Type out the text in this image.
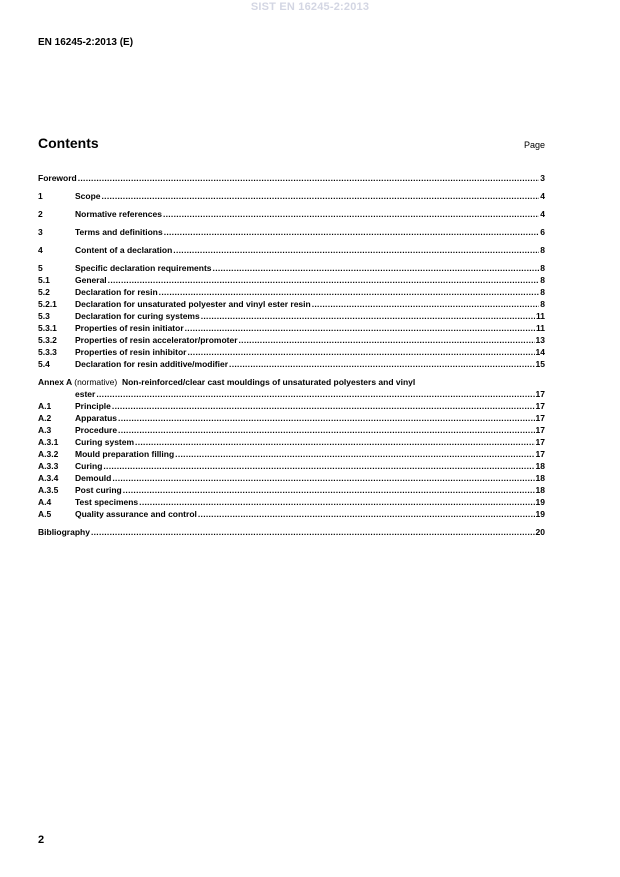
SIST EN 16245-2:2013
EN 16245-2:2013 (E)
Contents	Page
Foreword .....	3
1	Scope .....	4
2	Normative references .....	4
3	Terms and definitions .....	6
4	Content of a declaration .....	8
5	Specific declaration requirements .....	8
5.1	General .....	8
5.2	Declaration for resin .....	8
5.2.1	Declaration for unsaturated polyester and vinyl ester resin .....	8
5.3	Declaration for curing systems .....	11
5.3.1	Properties of resin initiator .....	11
5.3.2	Properties of resin accelerator/promoter .....	13
5.3.3	Properties of resin inhibitor .....	14
5.4	Declaration for resin additive/modifier .....	15
Annex A (normative) Non-reinforced/clear cast mouldings of unsaturated polyesters and vinyl
ester .....	17
A.1	Principle .....	17
A.2	Apparatus .....	17
A.3	Procedure .....	17
A.3.1	Curing system .....	17
A.3.2	Mould preparation filling .....	17
A.3.3	Curing .....	18
A.3.4	Demould .....	18
A.3.5	Post curing .....	18
A.4	Test specimens .....	19
A.5	Quality assurance and control .....	19
Bibliography .....	20
2
